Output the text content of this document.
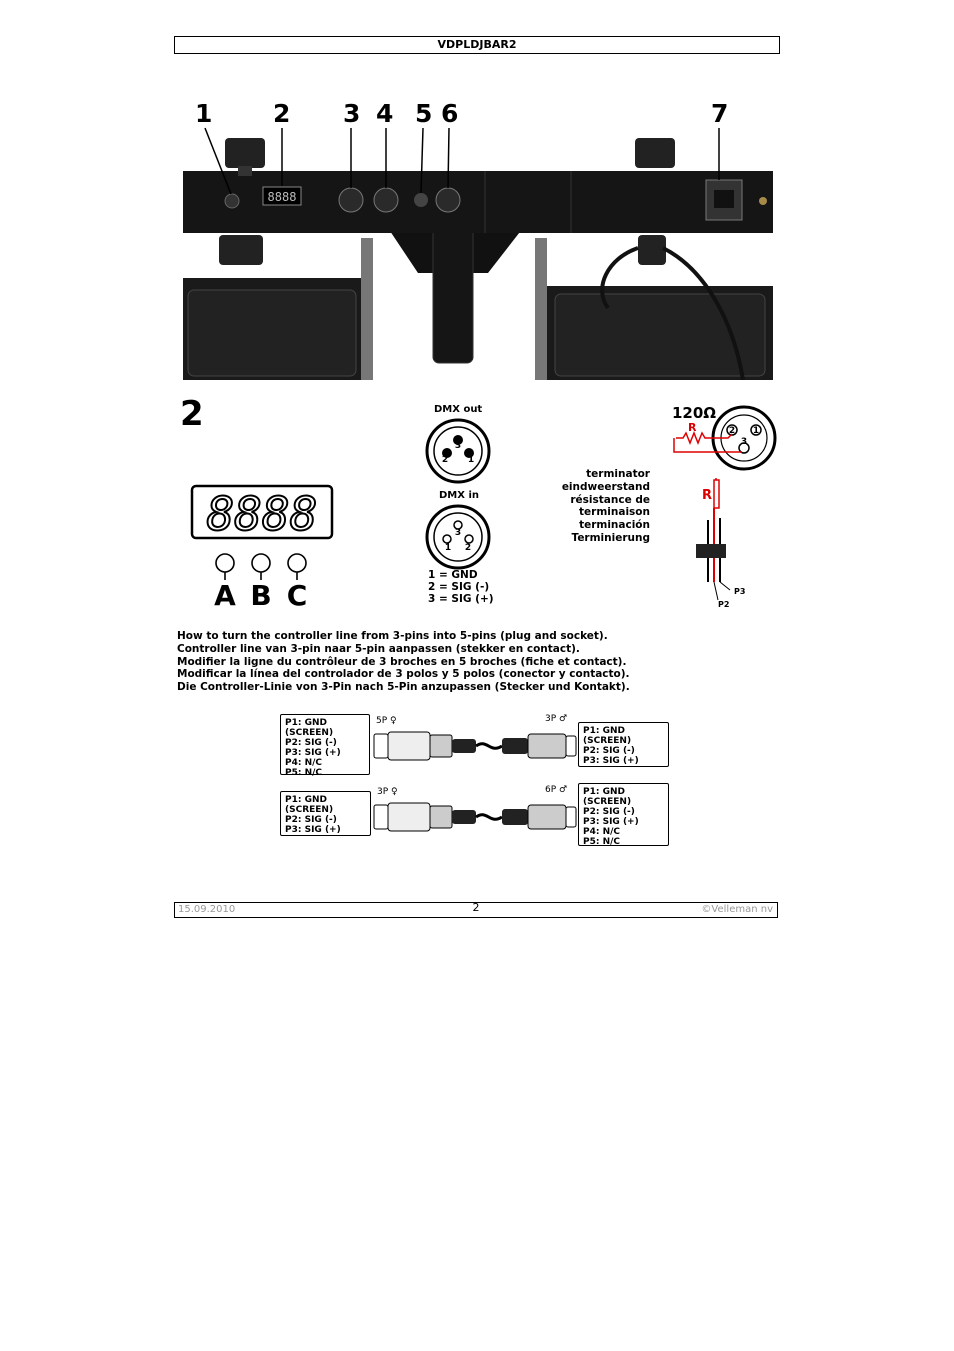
VDPLDJBAR2
8888
1 2 3 4 5 6	7
2
8888
A B C
DMX out
3
2 1
DMX in
3
1 2
1 = GND
2 = SIG (-)
3 = SIG (+)
terminator
eindweerstand
résistance de
terminaison
terminación
Terminierung
120Ω
2 1
3
R
R
P3
P2
How to turn the controller line from 3-pins into 5-pins (plug and socket).
Controller line van 3-pin naar 5-pin aanpassen (stekker en contact).
Modifier la ligne du contrôleur de 3 broches en 5 broches (fiche et contact).
Modificar la línea del controlador de 3 polos y 5 polos (conector y contacto).
Die Controller-Linie von 3-Pin nach 5-Pin anzupassen (Stecker und Kontakt).
P1: GND (SCREEN)
P2: SIG (-)
P3: SIG (+)
P4: N/C
P5: N/C
5P ♀	3P ♂
P1: GND (SCREEN)
P2: SIG (-)
P3: SIG (+)
P1: GND (SCREEN)
P2: SIG (-)
P3: SIG (+)
3P ♀	6P ♂ P1: GND (SCREEN)
P2: SIG (-)
P3: SIG (+)
P4: N/C
P5: N/C
15.09.2010	2	©Velleman nv
